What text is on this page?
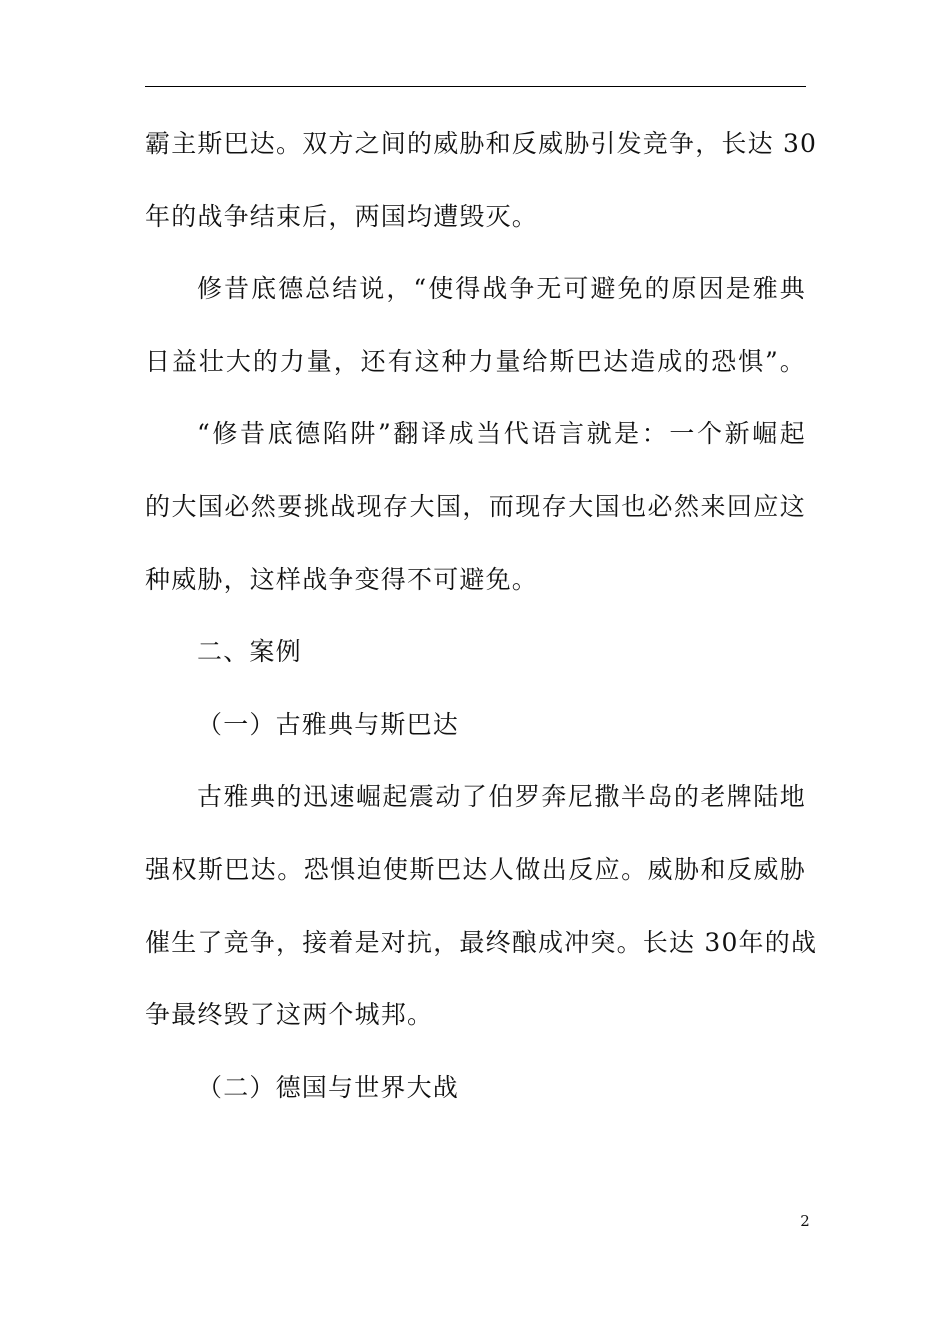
霸主斯巴达。双方之间的威胁和反威胁引发竞争，长达 30
年的战争结束后，两国均遭毁灭。
修昔底德总结说，“使得战争无可避免的原因是雅典
日益壮大的力量，还有这种力量给斯巴达造成的恐惧”。
“修昔底德陷阱”翻译成当代语言就是：一个新崛起
的大国必然要挑战现存大国，而现存大国也必然来回应这
种威胁，这样战争变得不可避免。
二、案例
（一）古雅典与斯巴达
古雅典的迅速崛起震动了伯罗奔尼撒半岛的老牌陆地
强权斯巴达。恐惧迫使斯巴达人做出反应。威胁和反威胁
催生了竞争，接着是对抗，最终酿成冲突。长达 30年的战
争最终毁了这两个城邦。
（二）德国与世界大战
2
